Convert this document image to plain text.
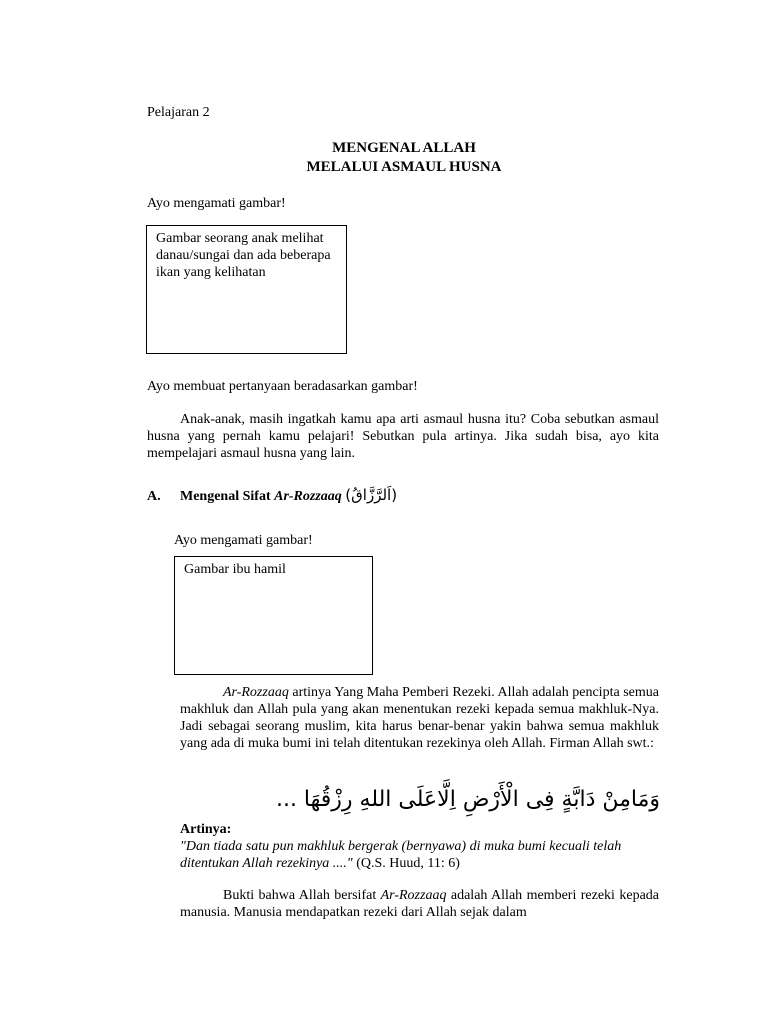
Pelajaran 2
MENGENAL ALLAH
MELALUI ASMAUL HUSNA
Ayo mengamati gambar!
Gambar seorang anak melihat danau/sungai dan ada beberapa ikan yang kelihatan
Ayo membuat pertanyaan beradasarkan gambar!
Anak-anak, masih ingatkah kamu apa arti asmaul husna itu? Coba sebutkan asmaul husna yang pernah kamu pelajari! Sebutkan pula artinya. Jika sudah bisa, ayo kita mempelajari asmaul husna yang lain.
A. Mengenal Sifat Ar-Rozzaaq (اَلرَّزَّاقُ)
Ayo mengamati gambar!
Gambar ibu hamil
Ar-Rozzaaq artinya Yang Maha Pemberi Rezeki. Allah adalah pencipta semua makhluk dan Allah pula yang akan menentukan rezeki kepada semua makhluk-Nya. Jadi sebagai seorang muslim, kita harus benar-benar yakin bahwa semua makhluk yang ada di muka bumi ini telah ditentukan rezekinya oleh Allah. Firman Allah swt.:
وَمَامِنْ دَابَّةٍ فِى الْأَرْضِ اِلَّاعَلَى اللهِ رِزْقُهَا ...
Artinya:
"Dan tiada satu pun makhluk bergerak (bernyawa) di muka bumi kecuali telah ditentukan Allah rezekinya ...." (Q.S. Huud, 11: 6)
Bukti bahwa Allah bersifat Ar-Rozzaaq adalah Allah memberi rezeki kepada manusia. Manusia mendapatkan rezeki dari Allah sejak dalam
